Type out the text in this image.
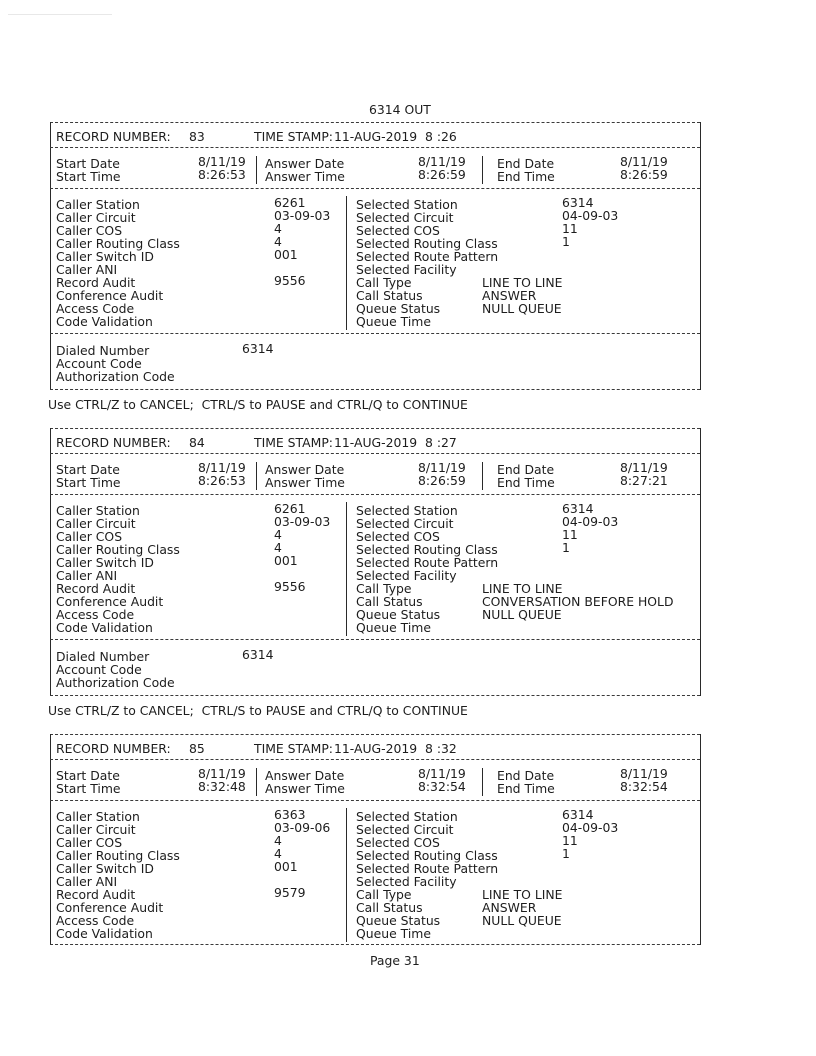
6314 OUT
RECORD NUMBER: 83	TIME STAMP: 11-AUG-2019  8 :26
Start Date	8/11/19
Start Time	8:26:53
Answer Date	8/11/19
Answer Time	8:26:59
End Date	8/11/19
End Time	8:26:59
Caller Station	6261
Caller Circuit	03-09-03
Caller COS	4
Caller Routing Class	4
Caller Switch ID	001
Caller ANI
Record Audit	9556
Conference Audit
Access Code
Code Validation
Selected Station	6314
Selected Circuit	04-09-03
Selected COS	11
Selected Routing Class	1
Selected Route Pattern
Selected Facility
Call Type	LINE TO LINE
Call Status	ANSWER
Queue Status	NULL QUEUE
Queue Time
Dialed Number	6314
Account Code
Authorization Code
Use CTRL/Z to CANCEL;  CTRL/S to PAUSE and CTRL/Q to CONTINUE
RECORD NUMBER: 84	TIME STAMP: 11-AUG-2019  8 :27
Start Date	8/11/19
Start Time	8:26:53
Answer Date	8/11/19
Answer Time	8:26:59
End Date	8/11/19
End Time	8:27:21
Caller Station	6261
Caller Circuit	03-09-03
Caller COS	4
Caller Routing Class	4
Caller Switch ID	001
Caller ANI
Record Audit	9556
Conference Audit
Access Code
Code Validation
Selected Station	6314
Selected Circuit	04-09-03
Selected COS	11
Selected Routing Class	1
Selected Route Pattern
Selected Facility
Call Type	LINE TO LINE
Call Status	CONVERSATION BEFORE HOLD
Queue Status	NULL QUEUE
Queue Time
Dialed Number	6314
Account Code
Authorization Code
Use CTRL/Z to CANCEL;  CTRL/S to PAUSE and CTRL/Q to CONTINUE
RECORD NUMBER: 85	TIME STAMP: 11-AUG-2019  8 :32
Start Date	8/11/19
Start Time	8:32:48
Answer Date	8/11/19
Answer Time	8:32:54
End Date	8/11/19
End Time	8:32:54
Caller Station	6363
Caller Circuit	03-09-06
Caller COS	4
Caller Routing Class	4
Caller Switch ID	001
Caller ANI
Record Audit	9579
Conference Audit
Access Code
Code Validation
Selected Station	6314
Selected Circuit	04-09-03
Selected COS	11
Selected Routing Class	1
Selected Route Pattern
Selected Facility
Call Type	LINE TO LINE
Call Status	ANSWER
Queue Status	NULL QUEUE
Queue Time
Page 31
